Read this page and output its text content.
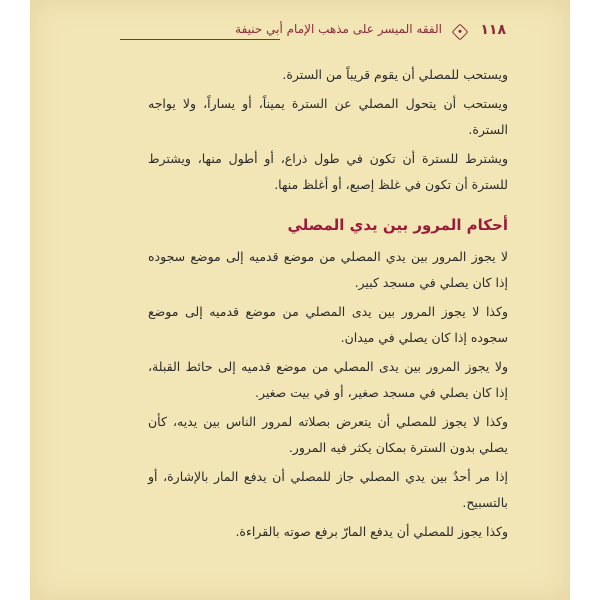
١١٨
الفقه الميسر على مذهب الإمام أبي حنيفة

ويستحب للمصلي أن يقوم قريباً من السترة.

ويستحب أن يتحول المصلي عن السترة يميناً، أو يساراً، ولا يواجه السترة.

ويشترط للسترة أن تكون في طول ذراع، أو أطول منها، ويشترط للسترة أن تكون في غلظ إصبع، أو أغلظ منها.

أحكام المرور بين يدي المصلي

لا يجوز المرور بين يدي المصلي من موضع قدميه إلى موضع سجوده إذا كان يصلي في مسجد كبير.

وكذا لا يجوز المرور بين يدى المصلي من موضع قدميه إلى موضع سجوده إذا كان يصلي في ميدان.

ولا يجوز المرور بين يدى المصلي من موضع قدميه إلى حائط القبلة، إذا كان يصلي في مسجد صغير، أو في بيت صغير.

وكذا لا يجوز للمصلي أن يتعرض بصلاته لمرور الناس بين يديه، كأن يصلي بدون السترة بمكان يكثر فيه المرور.

إذا مر أحدٌ بين يدي المصلي جاز للمصلي أن يدفع المار بالإشارة، أو بالتسبيح.

وكذا يجوز للمصلي أن يدفع المارّ برفع صوته بالقراءة.
